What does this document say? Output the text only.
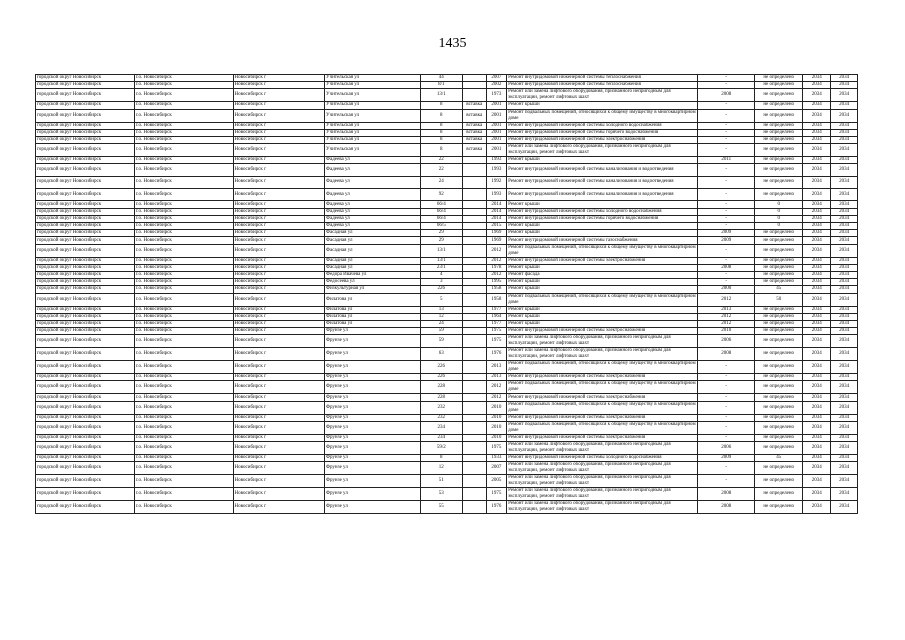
1435
городской округ Новосибирск	г.о. Новосибирск	Новосибирск г	Учительская ул	44		2007	Ремонт внутридомовой инженерной системы теплоснабжения	-	не определено	2034	2034
городской округ Новосибирск	г.о. Новосибирск	Новосибирск г	Учительская ул	8/1		2002	Ремонт внутридомовой инженерной системы теплоснабжения	-	не определено	2034	2034
городской округ Новосибирск	г.о. Новосибирск	Новосибирск г	Учительская ул	13/1		1973	Ремонт или замена лифтового оборудования, признанного непригодным для эксплуатации, ремонт лифтовых шахт	2008	не определено	2034	2034
городской округ Новосибирск	г.о. Новосибирск	Новосибирск г	Учительская ул	8	вставка	2001	Ремонт крыши	-	не определено	2034	2034
городской округ Новосибирск	г.о. Новосибирск	Новосибирск г	Учительская ул	8	вставка	2001	Ремонт подвальных помещений, относящихся к общему имуществу в многоквартирном доме	-	не определено	2034	2034
городской округ Новосибирск	г.о. Новосибирск	Новосибирск г	Учительская ул	8	вставка	2001	Ремонт внутридомовой инженерной системы холодного водоснабжения	-	не определено	2034	2034
городской округ Новосибирск	г.о. Новосибирск	Новосибирск г	Учительская ул	8	вставка	2001	Ремонт внутридомовой инженерной системы горячего водоснабжения	-	не определено	2034	2034
городской округ Новосибирск	г.о. Новосибирск	Новосибирск г	Учительская ул	8	вставка	2001	Ремонт внутридомовой инженерной системы электроснабжения	-	не определено	2034	2034
городской округ Новосибирск	г.о. Новосибирск	Новосибирск г	Учительская ул	8	вставка	2001	Ремонт или замена лифтового оборудования, признанного непригодным для эксплуатации, ремонт лифтовых шахт	-	не определено	2034	2034
городской округ Новосибирск	г.о. Новосибирск	Новосибирск г	Фадеева ул	22		1993	Ремонт крыши	2011	не определено	2034	2034
городской округ Новосибирск	г.о. Новосибирск	Новосибирск г	Фадеева ул	22		1993	Ремонт внутридомовой инженерной системы канализования и водоотведения	-	не определено	2034	2034
городской округ Новосибирск	г.о. Новосибирск	Новосибирск г	Фадеева ул	24		1992	Ремонт внутридомовой инженерной системы канализования и водоотведения	-	не определено	2034	2034
городской округ Новосибирск	г.о. Новосибирск	Новосибирск г	Фадеева ул	92		1993	Ремонт внутридомовой инженерной системы канализования и водоотведения	-	не определено	2034	2034
городской округ Новосибирск	г.о. Новосибирск	Новосибирск г	Фадеева ул	66/4		2014	Ремонт крыши	-	0	2034	2034
городской округ Новосибирск	г.о. Новосибирск	Новосибирск г	Фадеева ул	66/4		2014	Ремонт внутридомовой инженерной системы холодного водоснабжения	-	0	2034	2034
городской округ Новосибирск	г.о. Новосибирск	Новосибирск г	Фадеева ул	66/4		2014	Ремонт внутридомовой инженерной системы горячего водоснабжения	-	0	2034	2034
городской округ Новосибирск	г.о. Новосибирск	Новосибирск г	Фадеева ул	66/5		2015	Ремонт крыши	-	0	2034	2034
городской округ Новосибирск	г.о. Новосибирск	Новосибирск г	Фасадная ул	29		1969	Ремонт крыши	2009	не определено	2034	2034
городской округ Новосибирск	г.о. Новосибирск	Новосибирск г	Фасадная ул	29		1969	Ремонт внутридомовой инженерной системы газоснабжения	2009	не определено	2034	2034
городской округ Новосибирск	г.о. Новосибирск	Новосибирск г	Фасадная ул	13/1		2012	Ремонт подвальных помещений, относящихся к общему имуществу в многоквартирном доме	-	не определено	2034	2034
городской округ Новосибирск	г.о. Новосибирск	Новосибирск г	Фасадная ул	13/1		2012	Ремонт внутридомовой инженерной системы электроснабжения	-	не определено	2034	2034
городской округ Новосибирск	г.о. Новосибирск	Новосибирск г	Фасадная ул	23/1		1978	Ремонт крыши	2008	не определено	2034	2034
городской округ Новосибирск	г.о. Новосибирск	Новосибирск г	Федора Ивачева ул	4		2012	Ремонт фасада	-	не определено	2034	2034
городской округ Новосибирск	г.о. Новосибирск	Новосибирск г	Федосеева ул	3		1995	Ремонт крыши	-	не определено	2034	2034
городской округ Новосибирск	г.о. Новосибирск	Новосибирск г	Физкультурная ул	226		1958	Ремонт крыши	2000	45	2034	2034
городской округ Новосибирск	г.о. Новосибирск	Новосибирск г	Филатова ул	5		1958	Ремонт подвальных помещений, относящихся к общему имуществу в многоквартирном доме	2012	50	2034	2034
городской округ Новосибирск	г.о. Новосибирск	Новосибирск г	Филатова ул	13		1977	Ремонт крыши	2013	не определено	2034	2034
городской округ Новосибирск	г.о. Новосибирск	Новосибирск г	Филатова ул	12		1964	Ремонт крыши	2012	не определено	2034	2034
городской округ Новосибирск	г.о. Новосибирск	Новосибирск г	Филатова ул	24		1977	Ремонт крыши	2012	не определено	2034	2034
городской округ Новосибирск	г.о. Новосибирск	Новосибирск г	Фрунзе ул	59		1975	Ремонт внутридомовой инженерной системы электроснабжения	2010	не определено	2034	2034
городской округ Новосибирск	г.о. Новосибирск	Новосибирск г	Фрунзе ул	59		1975	Ремонт или замена лифтового оборудования, признанного непригодным для эксплуатации, ремонт лифтовых шахт	2006	не определено	2034	2034
городской округ Новосибирск	г.о. Новосибирск	Новосибирск г	Фрунзе ул	63		1976	Ремонт или замена лифтового оборудования, признанного непригодным для эксплуатации, ремонт лифтовых шахт	2008	не определено	2034	2034
городской округ Новосибирск	г.о. Новосибирск	Новосибирск г	Фрунзе ул	226		2013	Ремонт подвальных помещений, относящихся к общему имуществу в многоквартирном доме	-	не определено	2034	2034
городской округ Новосибирск	г.о. Новосибирск	Новосибирск г	Фрунзе ул	226		2013	Ремонт внутридомовой инженерной системы электроснабжения	-	не определено	2034	2034
городской округ Новосибирск	г.о. Новосибирск	Новосибирск г	Фрунзе ул	228		2012	Ремонт подвальных помещений, относящихся к общему имуществу в многоквартирном доме	-	не определено	2034	2034
городской округ Новосибирск	г.о. Новосибирск	Новосибирск г	Фрунзе ул	228		2012	Ремонт внутридомовой инженерной системы электроснабжения	-	не определено	2034	2034
городской округ Новосибирск	г.о. Новосибирск	Новосибирск г	Фрунзе ул	232		2010	Ремонт подвальных помещений, относящихся к общему имуществу в многоквартирном доме	-	не определено	2034	2034
городской округ Новосибирск	г.о. Новосибирск	Новосибирск г	Фрунзе ул	232		2010	Ремонт внутридомовой инженерной системы электроснабжения	-	не определено	2034	2034
городской округ Новосибирск	г.о. Новосибирск	Новосибирск г	Фрунзе ул	234		2010	Ремонт подвальных помещений, относящихся к общему имуществу в многоквартирном доме	-	не определено	2034	2034
городской округ Новосибирск	г.о. Новосибирск	Новосибирск г	Фрунзе ул	234		2010	Ремонт внутридомовой инженерной системы электроснабжения	-	не определено	2034	2034
городской округ Новосибирск	г.о. Новосибирск	Новосибирск г	Фрунзе ул	59/2		1975	Ремонт или замена лифтового оборудования, признанного непригодным для эксплуатации, ремонт лифтовых шахт	2006	не определено	2034	2034
городской округ Новосибирск	г.о. Новосибирск	Новосибирск г	Фрунзе ул	8		1933	Ремонт внутридомовой инженерной системы холодного водоснабжения	2009	45	2034	2034
городской округ Новосибирск	г.о. Новосибирск	Новосибирск г	Фрунзе ул	12		2007	Ремонт или замена лифтового оборудования, признанного непригодным для эксплуатации, ремонт лифтовых шахт	-	не определено	2034	2034
городской округ Новосибирск	г.о. Новосибирск	Новосибирск г	Фрунзе ул	51		2005	Ремонт или замена лифтового оборудования, признанного непригодным для эксплуатации, ремонт лифтовых шахт	-	не определено	2034	2034
городской округ Новосибирск	г.о. Новосибирск	Новосибирск г	Фрунзе ул	53		1975	Ремонт или замена лифтового оборудования, признанного непригодным для эксплуатации, ремонт лифтовых шахт	2008	не определено	2034	2034
городской округ Новосибирск	г.о. Новосибирск	Новосибирск г	Фрунзе ул	55		1976	Ремонт или замена лифтового оборудования, признанного непригодным для эксплуатации, ремонт лифтовых шахт	2008	не определено	2034	2034
